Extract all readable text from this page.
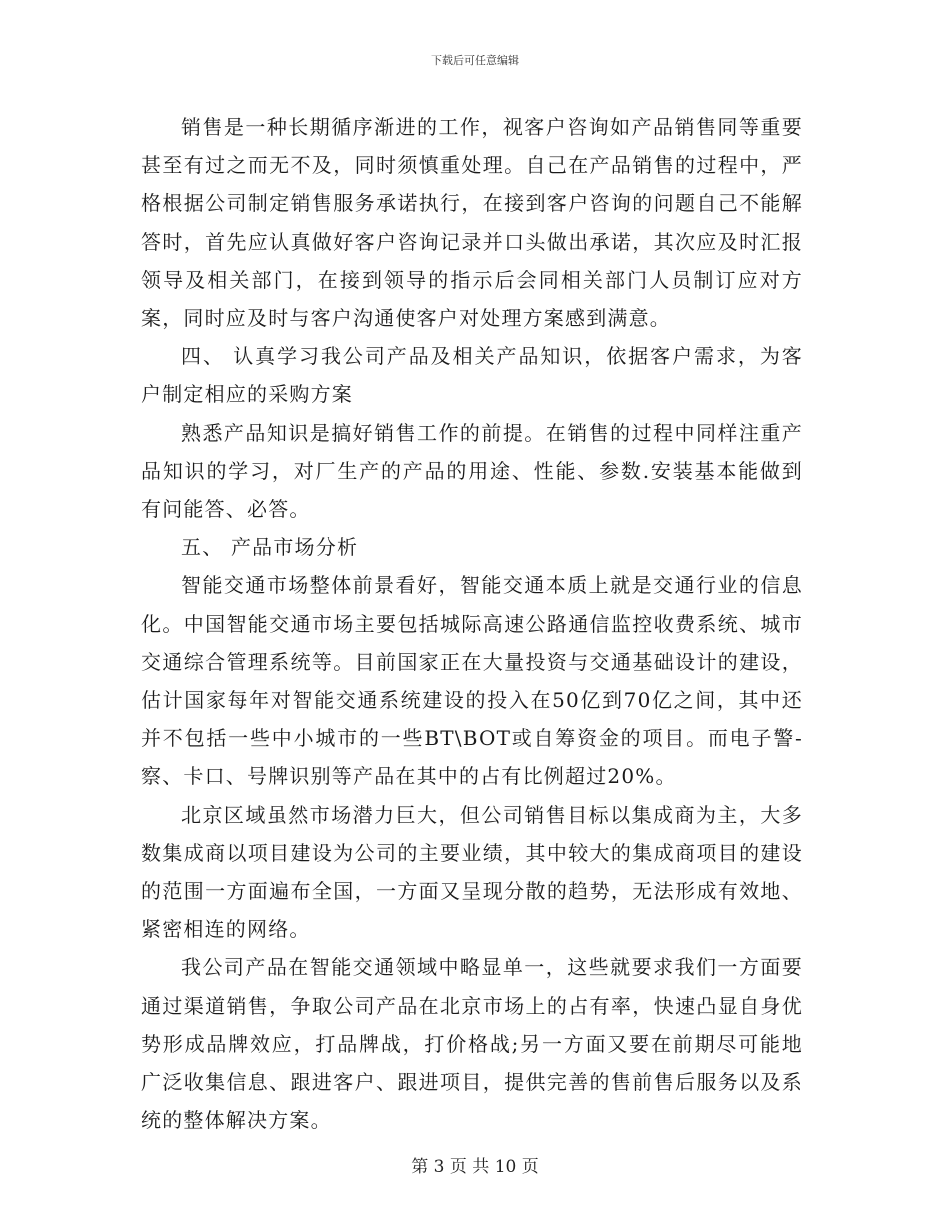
下载后可任意编辑

销售是一种长期循序渐进的工作，视客户咨询如产品销售同等重要甚至有过之而无不及，同时须慎重处理。自己在产品销售的过程中，严格根据公司制定销售服务承诺执行，在接到客户咨询的问题自己不能解答时，首先应认真做好客户咨询记录并口头做出承诺，其次应及时汇报领导及相关部门，在接到领导的指示后会同相关部门人员制订应对方案，同时应及时与客户沟通使客户对处理方案感到满意。

四、 认真学习我公司产品及相关产品知识，依据客户需求，为客户制定相应的采购方案

熟悉产品知识是搞好销售工作的前提。在销售的过程中同样注重产品知识的学习，对厂生产的产品的用途、性能、参数.安装基本能做到有问能答、必答。

五、 产品市场分析

智能交通市场整体前景看好，智能交通本质上就是交通行业的信息化。中国智能交通市场主要包括城际高速公路通信监控收费系统、城市交通综合管理系统等。目前国家正在大量投资与交通基础设计的建设，估计国家每年对智能交通系统建设的投入在50亿到70亿之间，其中还并不包括一些中小城市的一些BT\BOT或自筹资金的项目。而电子警-察、卡口、号牌识别等产品在其中的占有比例超过20%。

北京区域虽然市场潜力巨大，但公司销售目标以集成商为主，大多数集成商以项目建设为公司的主要业绩，其中较大的集成商项目的建设的范围一方面遍布全国，一方面又呈现分散的趋势，无法形成有效地、紧密相连的网络。

我公司产品在智能交通领域中略显单一，这些就要求我们一方面要通过渠道销售，争取公司产品在北京市场上的占有率，快速凸显自身优势形成品牌效应，打品牌战，打价格战;另一方面又要在前期尽可能地广泛收集信息、跟进客户、跟进项目，提供完善的售前售后服务以及系统的整体解决方案。

第 3 页 共 10 页
